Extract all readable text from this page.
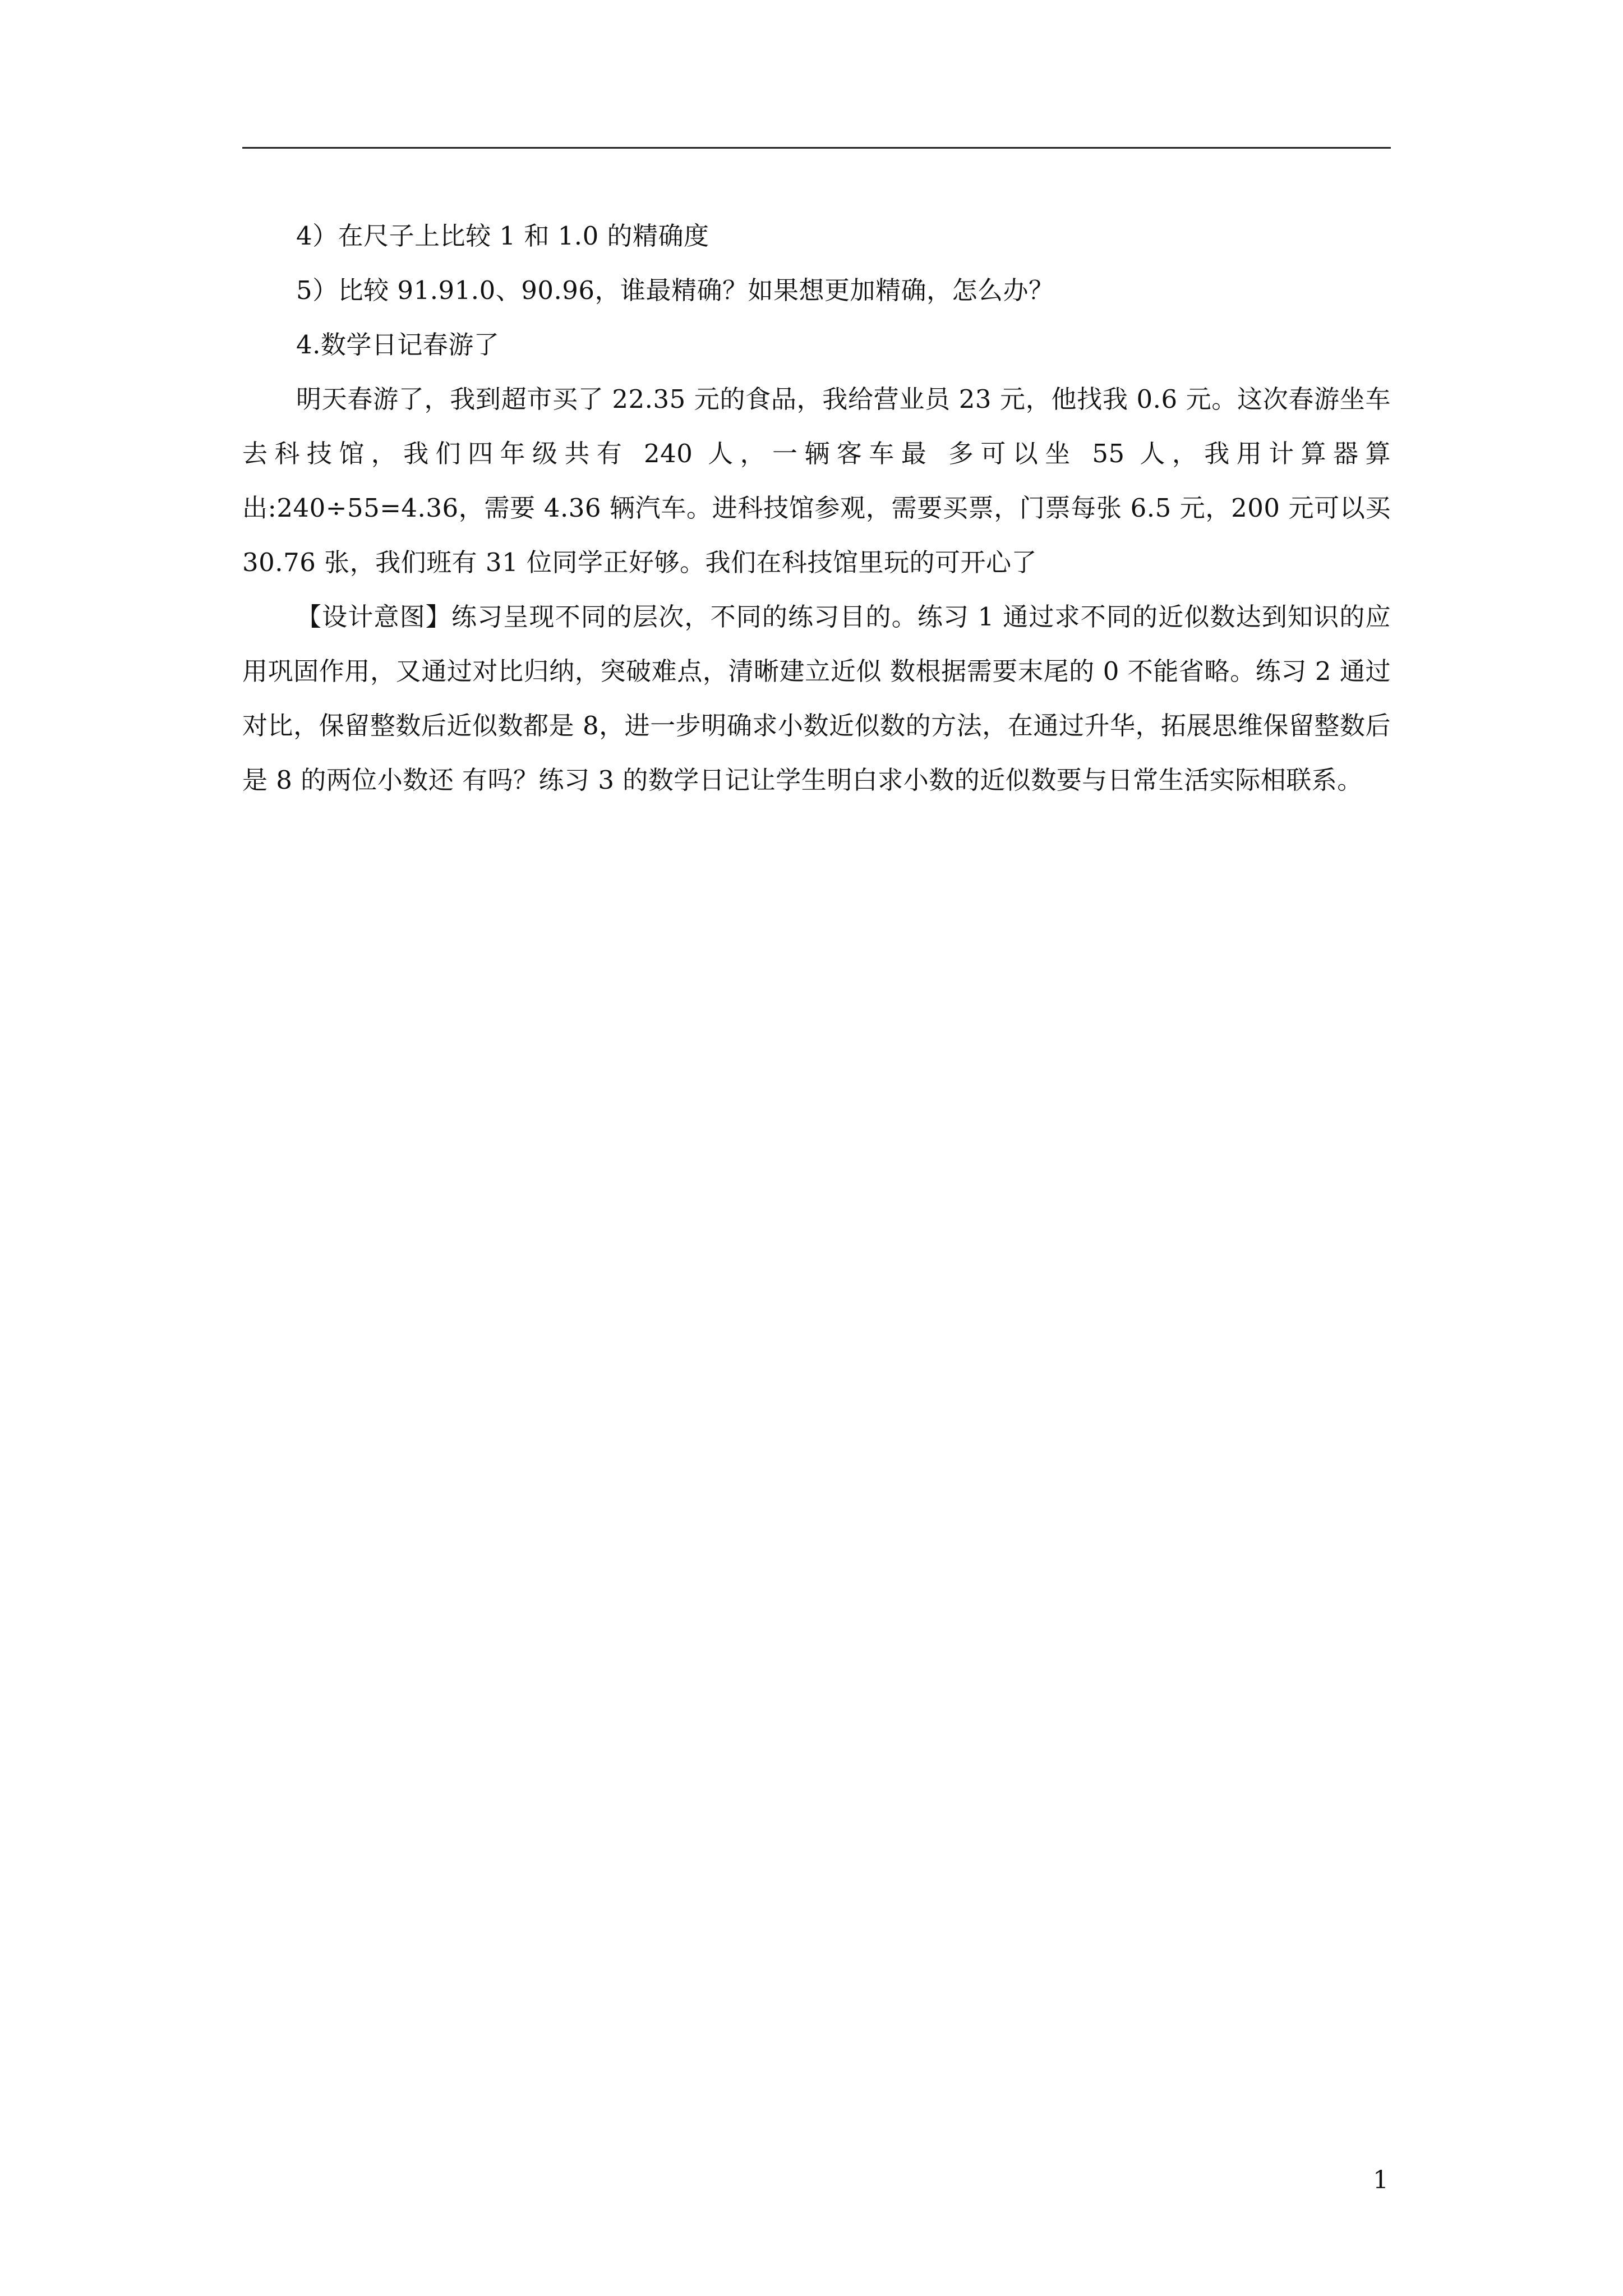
4）在尺子上比较 1 和 1.0 的精确度

5）比较 91.91.0、90.96，谁最精确？如果想更加精确，怎么办？

4.数学日记春游了

明天春游了，我到超市买了 22.35 元的食品，我给营业员 23 元，他找我 0.6 元。这次春游坐车去科技馆，我们四年级共有 240 人，一辆客车最 多可以坐 55 人，我用计算器算出:240÷55=4.36，需要 4.36 辆汽车。进科技馆参观，需要买票，门票每张 6.5 元，200 元可以买 30.76 张，我们班有 31 位同学正好够。我们在科技馆里玩的可开心了

【设计意图】练习呈现不同的层次，不同的练习目的。练习 1 通过求不同的近似数达到知识的应用巩固作用，又通过对比归纳，突破难点，清晰建立近似 数根据需要末尾的 0 不能省略。练习 2 通过对比，保留整数后近似数都是 8，进一步明确求小数近似数的方法，在通过升华，拓展思维保留整数后是 8 的两位小数还 有吗？练习 3 的数学日记让学生明白求小数的近似数要与日常生活实际相联系。

1
